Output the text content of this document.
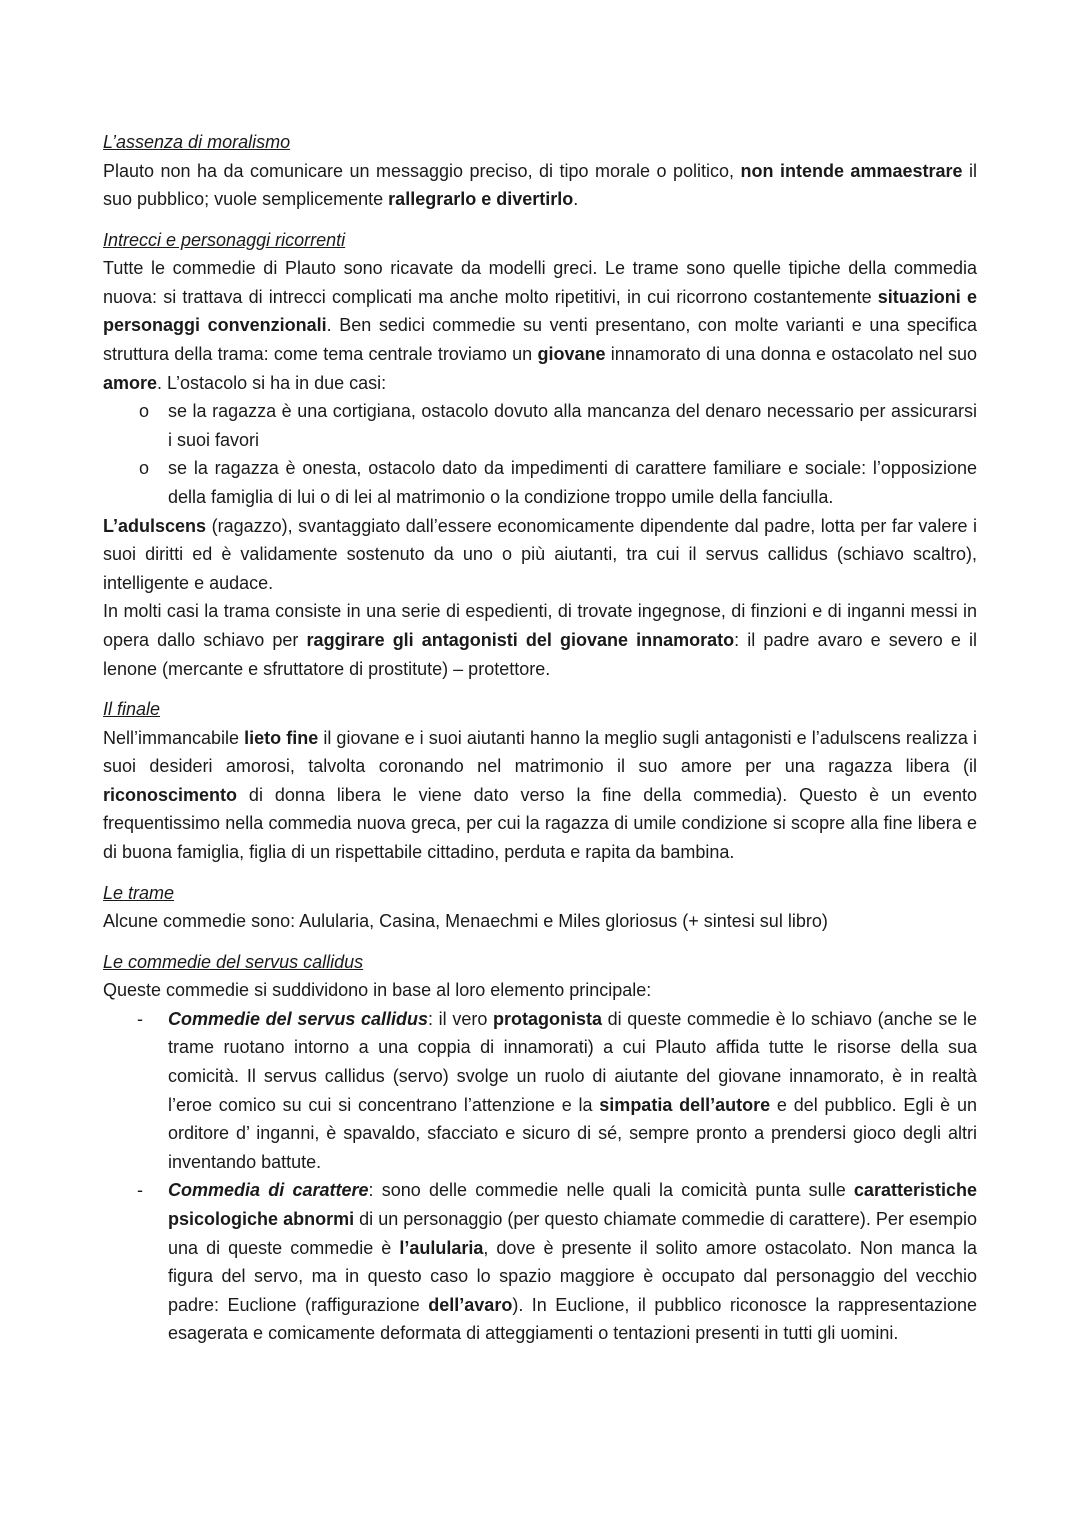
L’assenza di moralismo

Plauto non ha da comunicare un messaggio preciso, di tipo morale o politico, non intende ammaestrare il suo pubblico; vuole semplicemente rallegrarlo e divertirlo.

Intrecci e personaggi ricorrenti

Tutte le commedie di Plauto sono ricavate da modelli greci. Le trame sono quelle tipiche della commedia nuova: si trattava di intrecci complicati ma anche molto ripetitivi, in cui ricorrono costantemente situazioni e personaggi convenzionali. Ben sedici commedie su venti presentano, con molte varianti e una specifica struttura della trama: come tema centrale troviamo un giovane innamorato di una donna e ostacolato nel suo amore. L’ostacolo si ha in due casi:

o se la ragazza è una cortigiana, ostacolo dovuto alla mancanza del denaro necessario per assicurarsi i suoi favori
o se la ragazza è onesta, ostacolo dato da impedimenti di carattere familiare e sociale: l’opposizione della famiglia di lui o di lei al matrimonio o la condizione troppo umile della fanciulla.

L’adulscens (ragazzo), svantaggiato dall’essere economicamente dipendente dal padre, lotta per far valere i suoi diritti ed è validamente sostenuto da uno o più aiutanti, tra cui il servus callidus (schiavo scaltro), intelligente e audace.

In molti casi la trama consiste in una serie di espedienti, di trovate ingegnose, di finzioni e di inganni messi in opera dallo schiavo per raggirare gli antagonisti del giovane innamorato: il padre avaro e severo e il lenone (mercante e sfruttatore di prostitute) – protettore.

Il finale

Nell’immancabile lieto fine il giovane e i suoi aiutanti hanno la meglio sugli antagonisti e l’adulscens realizza i suoi desideri amorosi, talvolta coronando nel matrimonio il suo amore per una ragazza libera (il riconoscimento di donna libera le viene dato verso la fine della commedia). Questo è un evento frequentissimo nella commedia nuova greca, per cui la ragazza di umile condizione si scopre alla fine libera e di buona famiglia, figlia di un rispettabile cittadino, perduta e rapita da bambina.

Le trame

Alcune commedie sono: Aulularia, Casina, Menaechmi e Miles gloriosus (+ sintesi sul libro)

Le commedie del servus callidus

Queste commedie si suddividono in base al loro elemento principale:

- Commedie del servus callidus: il vero protagonista di queste commedie è lo schiavo (anche se le trame ruotano intorno a una coppia di innamorati) a cui Plauto affida tutte le risorse della sua comicità. Il servus callidus (servo) svolge un ruolo di aiutante del giovane innamorato, è in realtà l’eroe comico su cui si concentrano l’attenzione e la simpatia dell’autore e del pubblico. Egli è un orditore d’ inganni, è spavaldo, sfacciato e sicuro di sé, sempre pronto a prendersi gioco degli altri inventando battute.
- Commedia di carattere: sono delle commedie nelle quali la comicità punta sulle caratteristiche psicologiche abnormi di un personaggio (per questo chiamate commedie di carattere). Per esempio una di queste commedie è l’aulularia, dove è presente il solito amore ostacolato. Non manca la figura del servo, ma in questo caso lo spazio maggiore è occupato dal personaggio del vecchio padre: Euclione (raffigurazione dell’avaro). In Euclione, il pubblico riconosce la rappresentazione esagerata e comicamente deformata di atteggiamenti o tentazioni presenti in tutti gli uomini.
